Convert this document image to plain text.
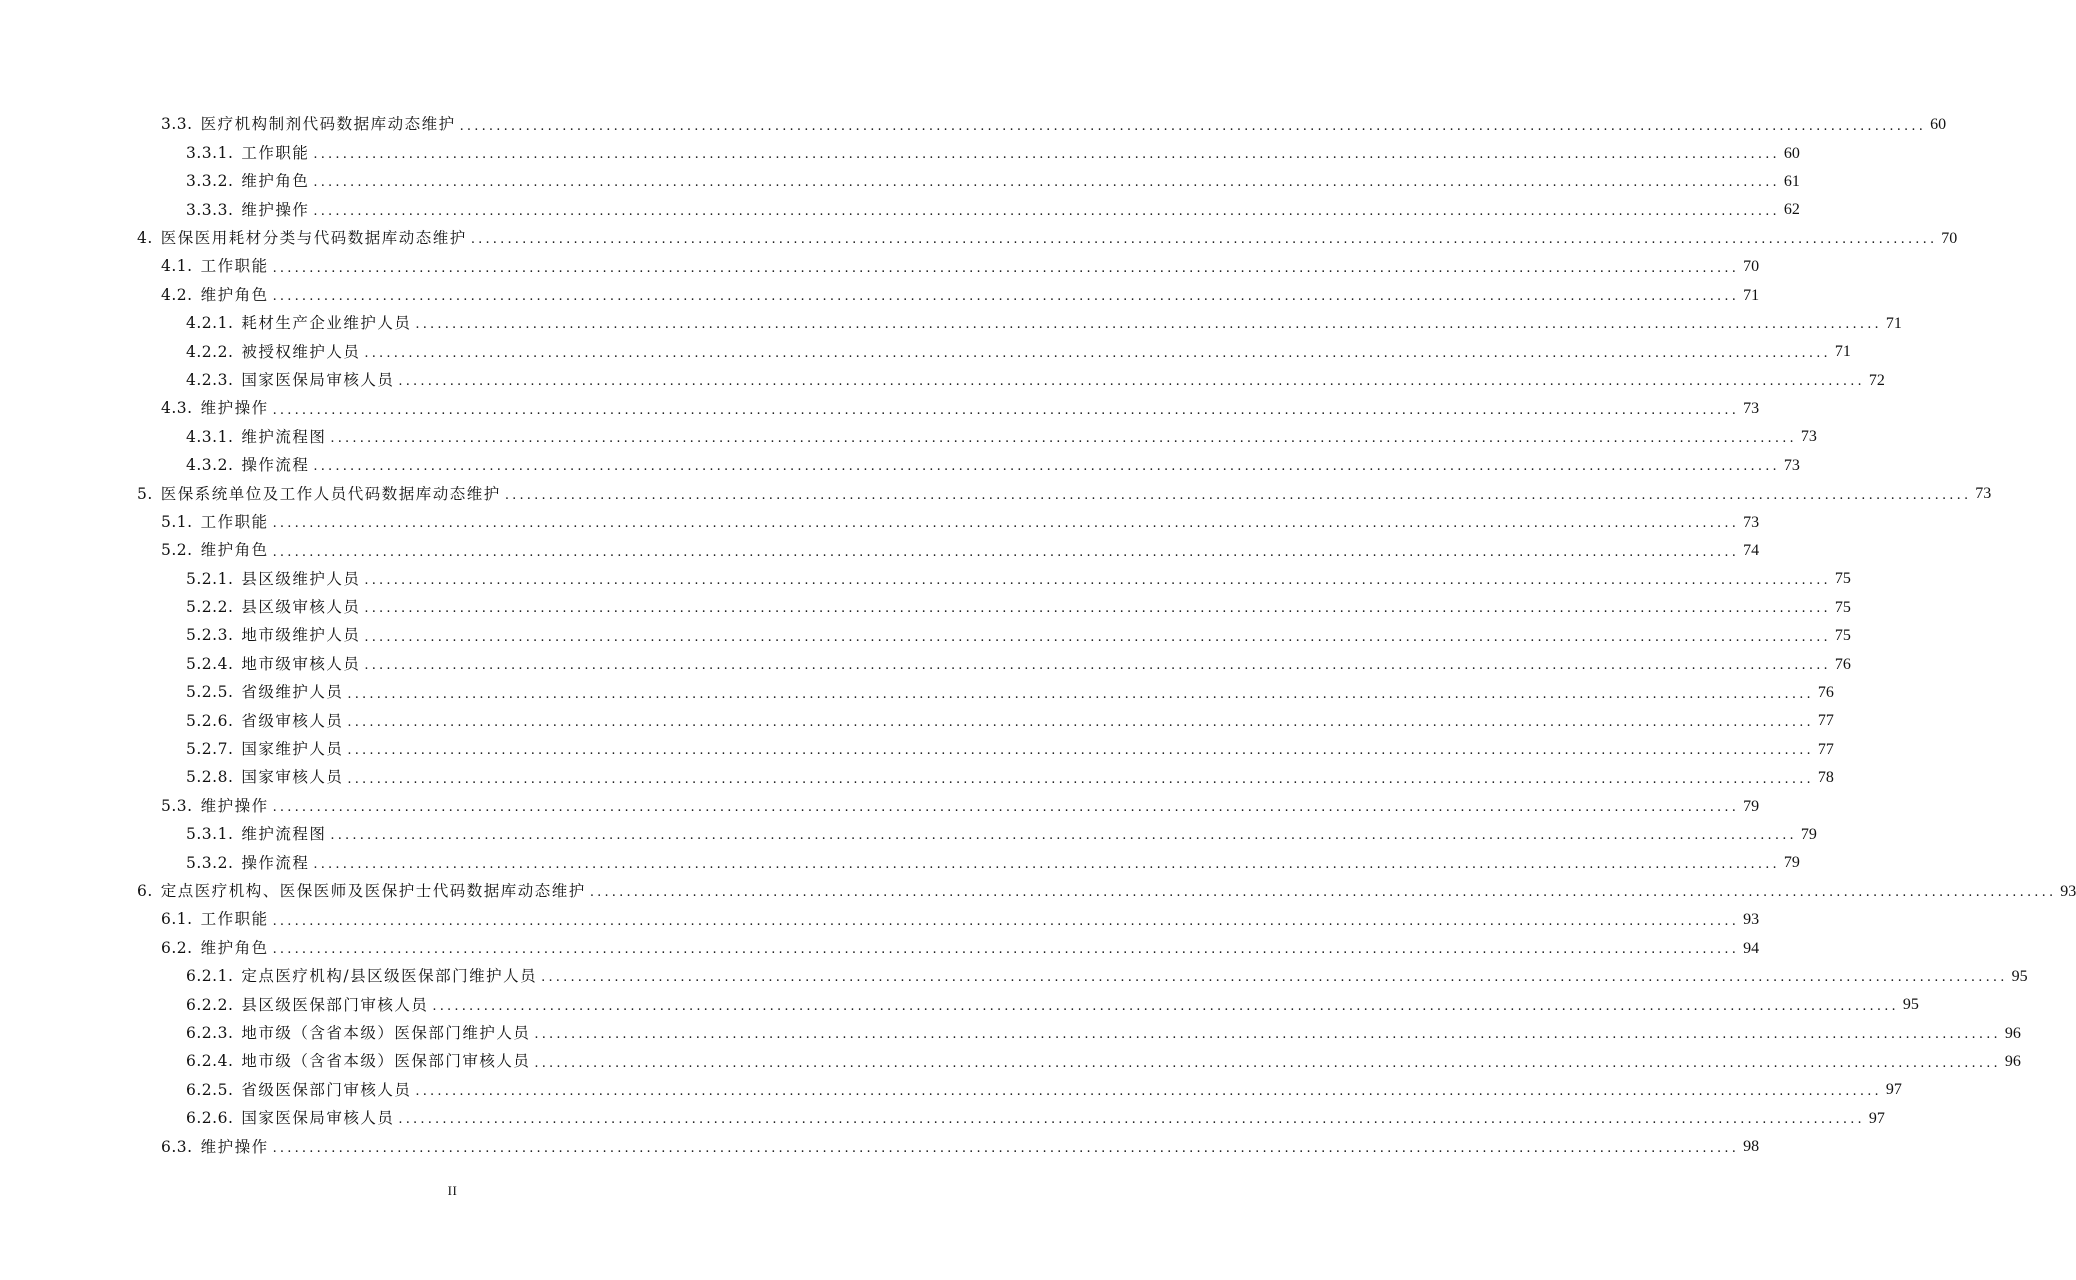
3.3. 医疗机构制剂代码数据库动态维护 ........................................................................................................................................................................................................ 60
3.3.1. 工作职能 ........................................................................................................................................................................................................ 60
3.3.2. 维护角色 ........................................................................................................................................................................................................ 61
3.3.3. 维护操作 ........................................................................................................................................................................................................ 62
4. 医保医用耗材分类与代码数据库动态维护 ........................................................................................................................................................................................................ 70
4.1. 工作职能 ........................................................................................................................................................................................................ 70
4.2. 维护角色 ........................................................................................................................................................................................................ 71
4.2.1. 耗材生产企业维护人员 ........................................................................................................................................................................................................ 71
4.2.2. 被授权维护人员 ........................................................................................................................................................................................................ 71
4.2.3. 国家医保局审核人员 ........................................................................................................................................................................................................ 72
4.3. 维护操作 ........................................................................................................................................................................................................ 73
4.3.1. 维护流程图 ........................................................................................................................................................................................................ 73
4.3.2. 操作流程 ........................................................................................................................................................................................................ 73
5. 医保系统单位及工作人员代码数据库动态维护 ........................................................................................................................................................................................................ 73
5.1. 工作职能 ........................................................................................................................................................................................................ 73
5.2. 维护角色 ........................................................................................................................................................................................................ 74
5.2.1. 县区级维护人员 ........................................................................................................................................................................................................ 75
5.2.2. 县区级审核人员 ........................................................................................................................................................................................................ 75
5.2.3. 地市级维护人员 ........................................................................................................................................................................................................ 75
5.2.4. 地市级审核人员 ........................................................................................................................................................................................................ 76
5.2.5. 省级维护人员 ........................................................................................................................................................................................................ 76
5.2.6. 省级审核人员 ........................................................................................................................................................................................................ 77
5.2.7. 国家维护人员 ........................................................................................................................................................................................................ 77
5.2.8. 国家审核人员 ........................................................................................................................................................................................................ 78
5.3. 维护操作 ........................................................................................................................................................................................................ 79
5.3.1. 维护流程图 ........................................................................................................................................................................................................ 79
5.3.2. 操作流程 ........................................................................................................................................................................................................ 79
6. 定点医疗机构、医保医师及医保护士代码数据库动态维护 ........................................................................................................................................................................................................ 93
6.1. 工作职能 ........................................................................................................................................................................................................ 93
6.2. 维护角色 ........................................................................................................................................................................................................ 94
6.2.1. 定点医疗机构/县区级医保部门维护人员 ........................................................................................................................................................................................................ 95
6.2.2. 县区级医保部门审核人员 ........................................................................................................................................................................................................ 95
6.2.3. 地市级（含省本级）医保部门维护人员 ........................................................................................................................................................................................................ 96
6.2.4. 地市级（含省本级）医保部门审核人员 ........................................................................................................................................................................................................ 96
6.2.5. 省级医保部门审核人员 ........................................................................................................................................................................................................ 97
6.2.6. 国家医保局审核人员 ........................................................................................................................................................................................................ 97
6.3. 维护操作 ........................................................................................................................................................................................................ 98
II
